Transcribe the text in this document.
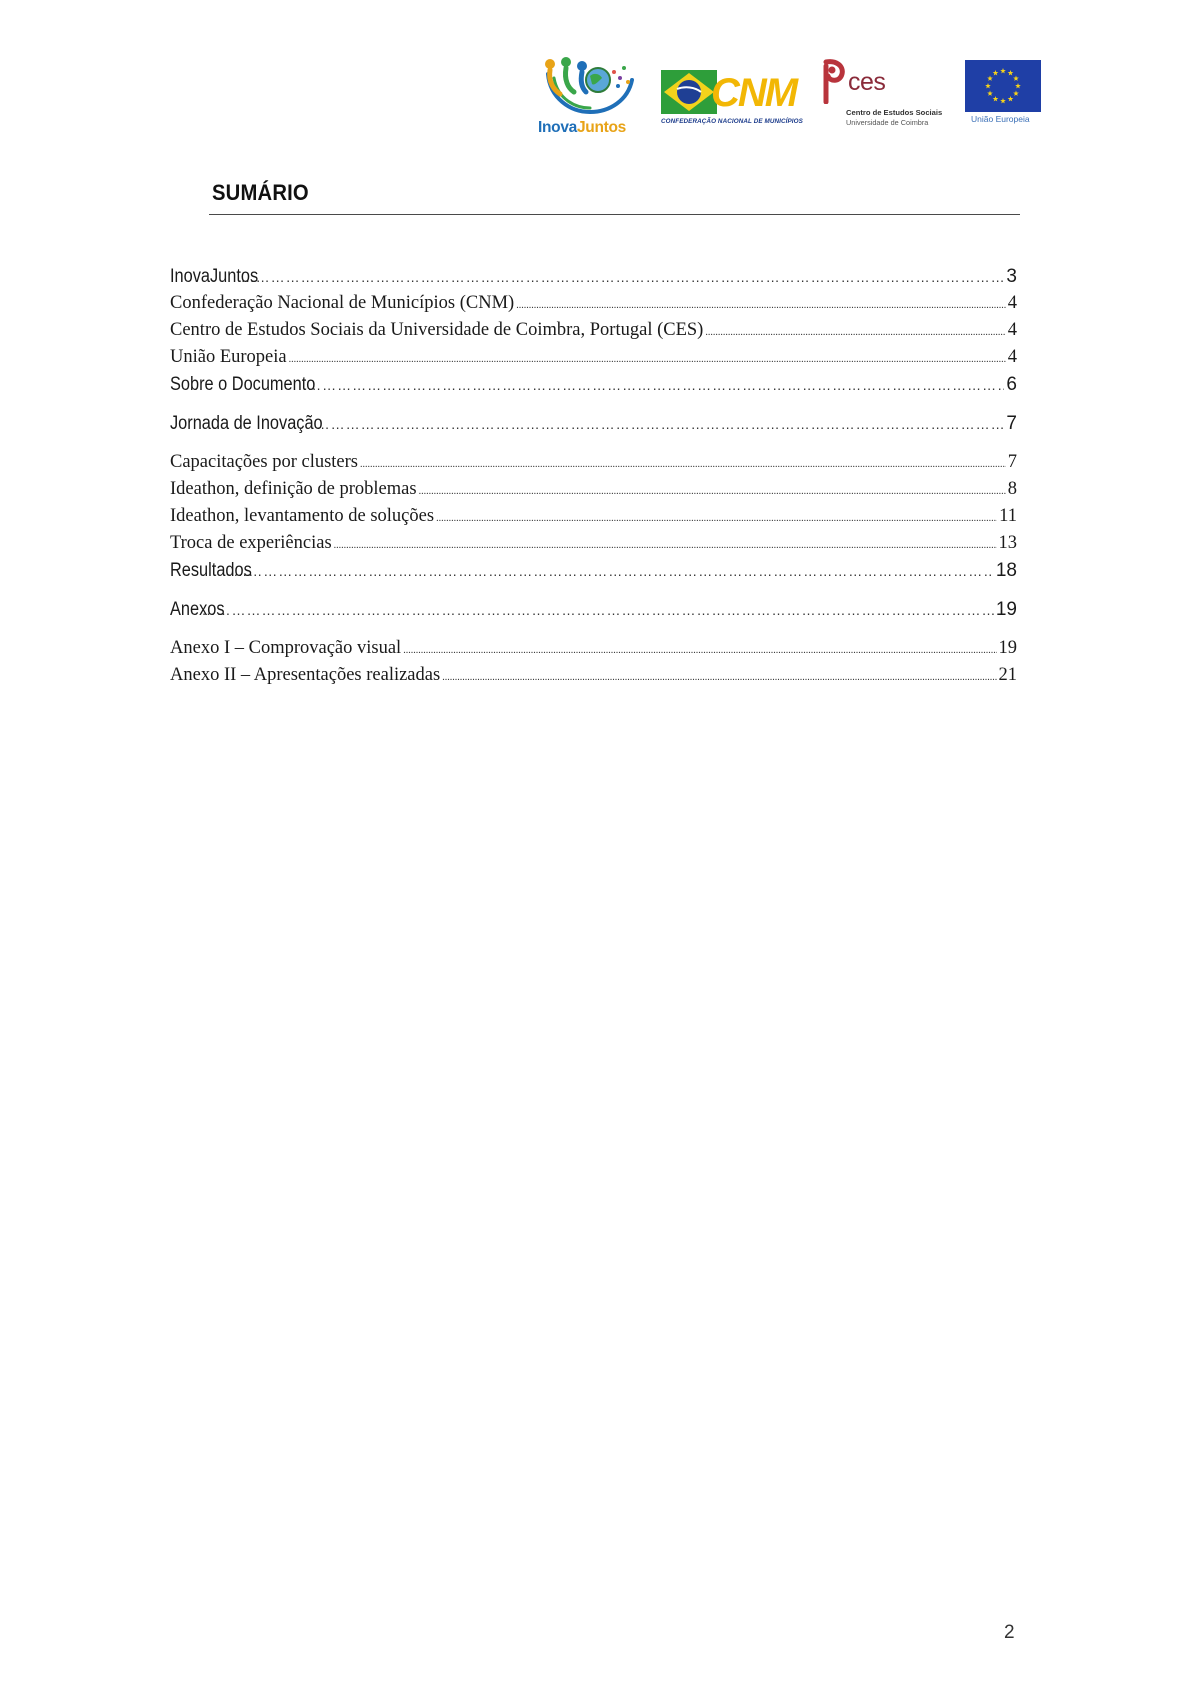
InovaJuntos
CNM
CONFEDERAÇÃO NACIONAL DE MUNICÍPIOS
ces
Centro de Estudos Sociais
Universidade de Coimbra	União Europeia
SUMÁRIO
InovaJuntos ………………………………………………………………………………………………………………………………………………………………………………………………………………………………………	3
Confederação Nacional de Municípios (CNM) .....	4
Centro de Estudos Sociais da Universidade de Coimbra, Portugal (CES) .....	4
União Europeia .....	4
Sobre o Documento ………………………………………………………………………………………………………………………………………………………………………………………………………………………………………	6
Jornada de Inovação ………………………………………………………………………………………………………………………………………………………………………………………………………………………………………	7
Capacitações por clusters .....	7
Ideathon, definição de problemas .....	8
Ideathon, levantamento de soluções .....	11
Troca de experiências .....	13
Resultados ………………………………………………………………………………………………………………………………………………………………………………………………………………………………………	18
Anexos ………………………………………………………………………………………………………………………………………………………………………………………………………………………………………	19
Anexo I – Comprovação visual .....	19
Anexo II – Apresentações realizadas .....	21
2
